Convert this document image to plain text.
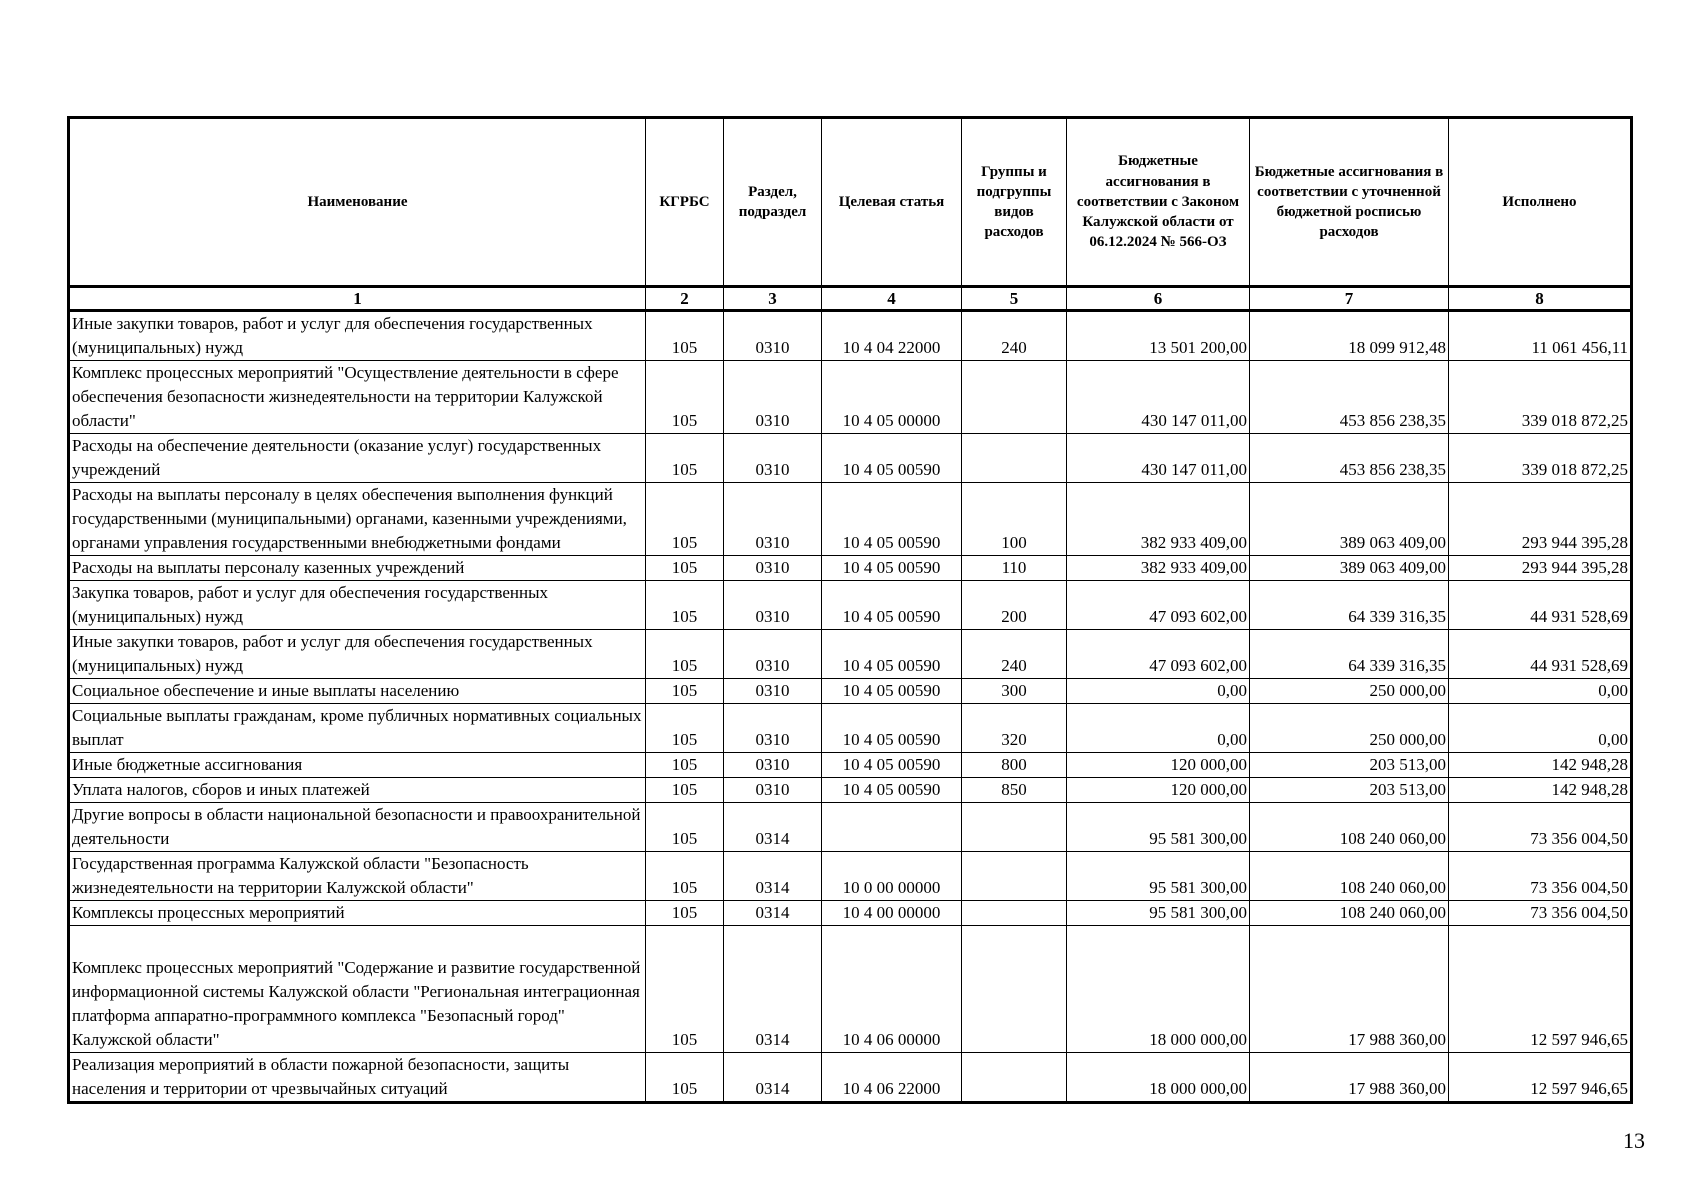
Наименование	КГРБС	Раздел, подраздел	Целевая статья	Группы и подгруппы видов расходов	Бюджетные ассигнования в соответствии с Законом Калужской области от 06.12.2024 № 566-ОЗ	Бюджетные ассигнования в соответствии с уточненной бюджетной росписью расходов	Исполнено
1	2	3	4	5	6	7	8
Иные закупки товаров, работ и услуг для обеспечения государственных (муниципальных) нужд	105	0310	10 4 04 22000	240	13 501 200,00	18 099 912,48	11 061 456,11
Комплекс процессных мероприятий "Осуществление деятельности в сфере обеспечения безопасности жизнедеятельности на территории Калужской области"	105	0310	10 4 05 00000		430 147 011,00	453 856 238,35	339 018 872,25
Расходы на обеспечение деятельности (оказание услуг) государственных учреждений	105	0310	10 4 05 00590		430 147 011,00	453 856 238,35	339 018 872,25
Расходы на выплаты персоналу в целях обеспечения выполнения функций государственными (муниципальными) органами, казенными учреждениями, органами управления государственными внебюджетными фондами	105	0310	10 4 05 00590	100	382 933 409,00	389 063 409,00	293 944 395,28
Расходы на выплаты персоналу казенных учреждений	105	0310	10 4 05 00590	110	382 933 409,00	389 063 409,00	293 944 395,28
Закупка товаров, работ и услуг для обеспечения государственных (муниципальных) нужд	105	0310	10 4 05 00590	200	47 093 602,00	64 339 316,35	44 931 528,69
Иные закупки товаров, работ и услуг для обеспечения государственных (муниципальных) нужд	105	0310	10 4 05 00590	240	47 093 602,00	64 339 316,35	44 931 528,69
Социальное обеспечение и иные выплаты населению	105	0310	10 4 05 00590	300	0,00	250 000,00	0,00
Социальные выплаты гражданам, кроме публичных нормативных социальных выплат	105	0310	10 4 05 00590	320	0,00	250 000,00	0,00
Иные бюджетные ассигнования	105	0310	10 4 05 00590	800	120 000,00	203 513,00	142 948,28
Уплата налогов, сборов и иных платежей	105	0310	10 4 05 00590	850	120 000,00	203 513,00	142 948,28
Другие вопросы в области национальной безопасности и правоохранительной деятельности	105	0314			95 581 300,00	108 240 060,00	73 356 004,50
Государственная программа Калужской области "Безопасность жизнедеятельности на территории Калужской области"	105	0314	10 0 00 00000		95 581 300,00	108 240 060,00	73 356 004,50
Комплексы процессных мероприятий	105	0314	10 4 00 00000		95 581 300,00	108 240 060,00	73 356 004,50
Комплекс процессных мероприятий "Содержание и развитие государственной информационной системы Калужской области "Региональная интеграционная платформа аппаратно-программного комплекса "Безопасный город" Калужской области"	105	0314	10 4 06 00000		18 000 000,00	17 988 360,00	12 597 946,65
Реализация мероприятий в области пожарной безопасности, защиты населения и территории от чрезвычайных ситуаций	105	0314	10 4 06 22000		18 000 000,00	17 988 360,00	12 597 946,65
13
